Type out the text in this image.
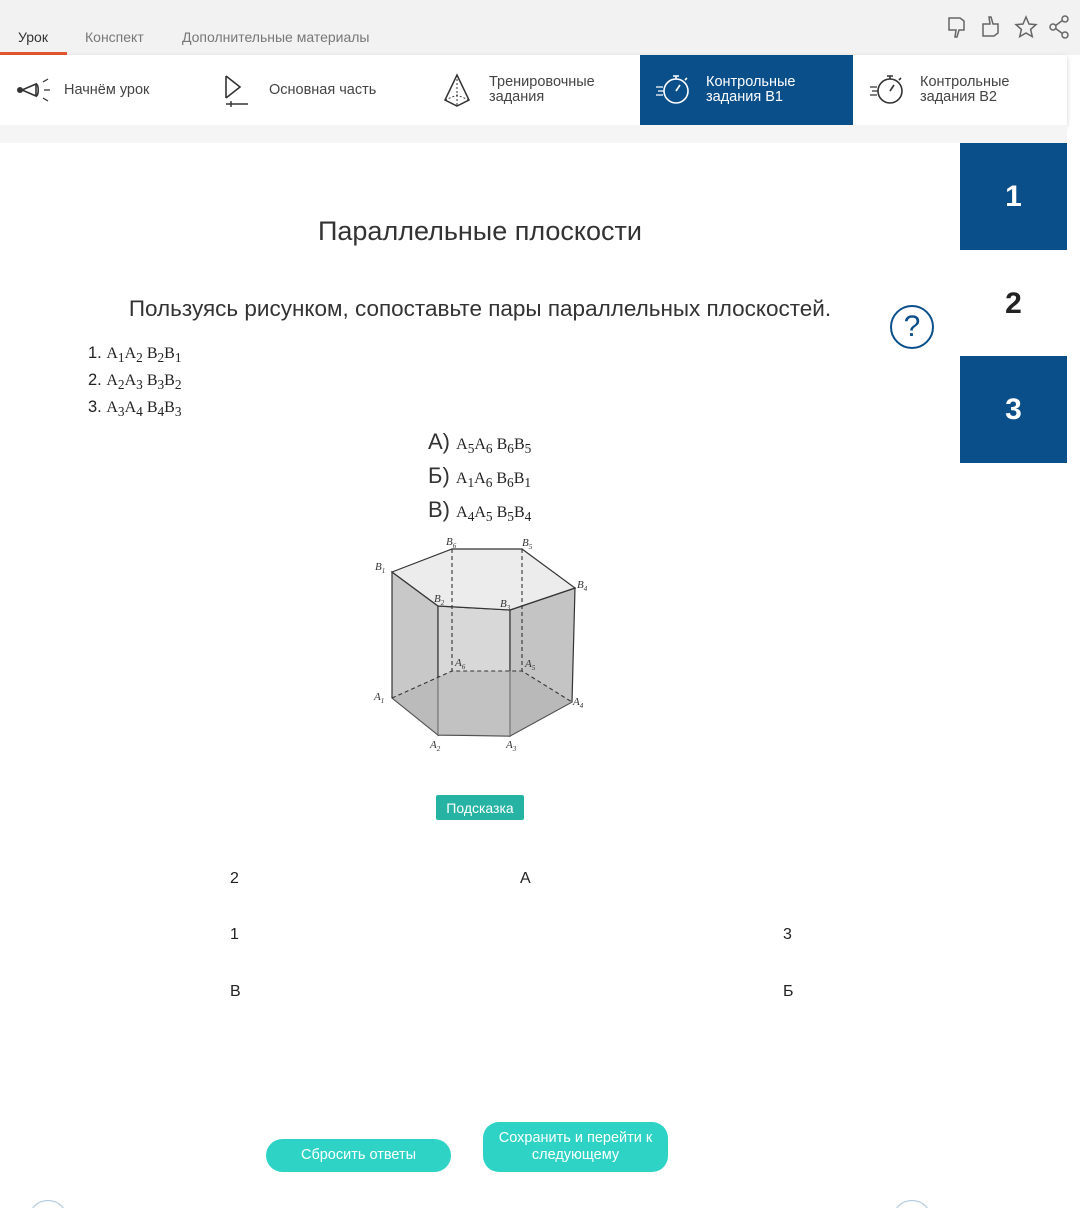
Урок	Конспект	Дополнительные материалы
Начнём урок	Основная часть	Тренировочные
задания
Контрольные
задания В1
Контрольные
задания В2
1
2
3
Параллельные плоскости
Пользуясь рисунком, сопоставьте пары параллельных плоскостей.
?
1. $A_1A_2$ $B_2B_1$
2. $A_2A_3$ $B_3B_2$
3. $A_3A_4$ $B_4B_3$
А) $A_5A_6$ $B_6B_5$
Б) $A_1A_6$ $B_6B_1$
В) $A_4A_5$ $B_5B_4$
$B_1$
$B_2$	$B_3$
$B_4$
$B_5$
$B_6$
$A_1$
$A_2$	$A_3$
$A_4$
$A_5$
$A_6$
Подсказка
2	А
1	3
В	Б
Сбросить ответы
Сохранить и перейти к следующему
